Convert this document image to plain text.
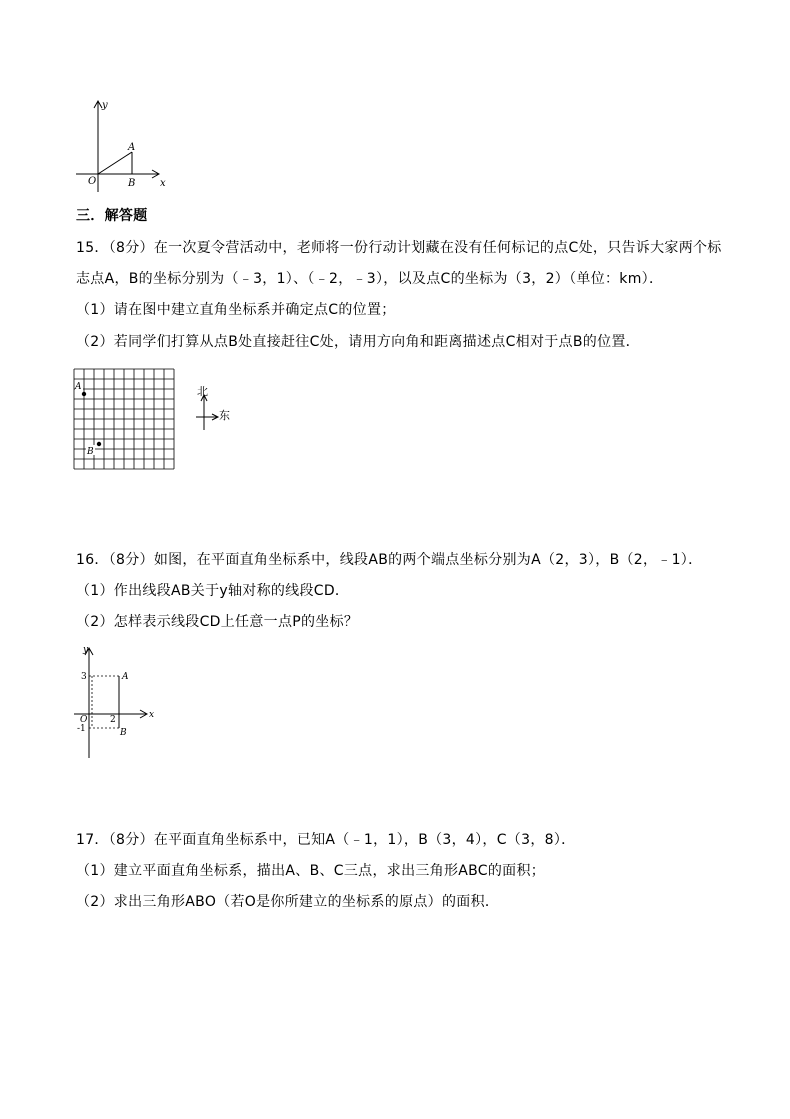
y
A
O	B x
三．解答题
15．（8分）在一次夏令营活动中，老师将一份行动计划藏在没有任何标记的点C处，只告诉大家两个标
志点A，B的坐标分别为（﹣3，1）、（﹣2，﹣3），以及点C的坐标为（3，2）（单位：km）．
（1）请在图中建立直角坐标系并确定点C的位置；
（2）若同学们打算从点B处直接赶往C处，请用方向角和距离描述点C相对于点B的位置．
A
B
北
东
16．（8分）如图，在平面直角坐标系中，线段AB的两个端点坐标分别为A（2，3），B（2，﹣1）．
（1）作出线段AB关于y轴对称的线段CD．
（2）怎样表示线段CD上任意一点P的坐标？
y
3	A
O	2	x
-1	B
17．（8分）在平面直角坐标系中，已知A（﹣1，1），B（3，4），C（3，8）．
（1）建立平面直角坐标系，描出A、B、C三点，求出三角形ABC的面积；
（2）求出三角形ABO（若O是你所建立的坐标系的原点）的面积．
